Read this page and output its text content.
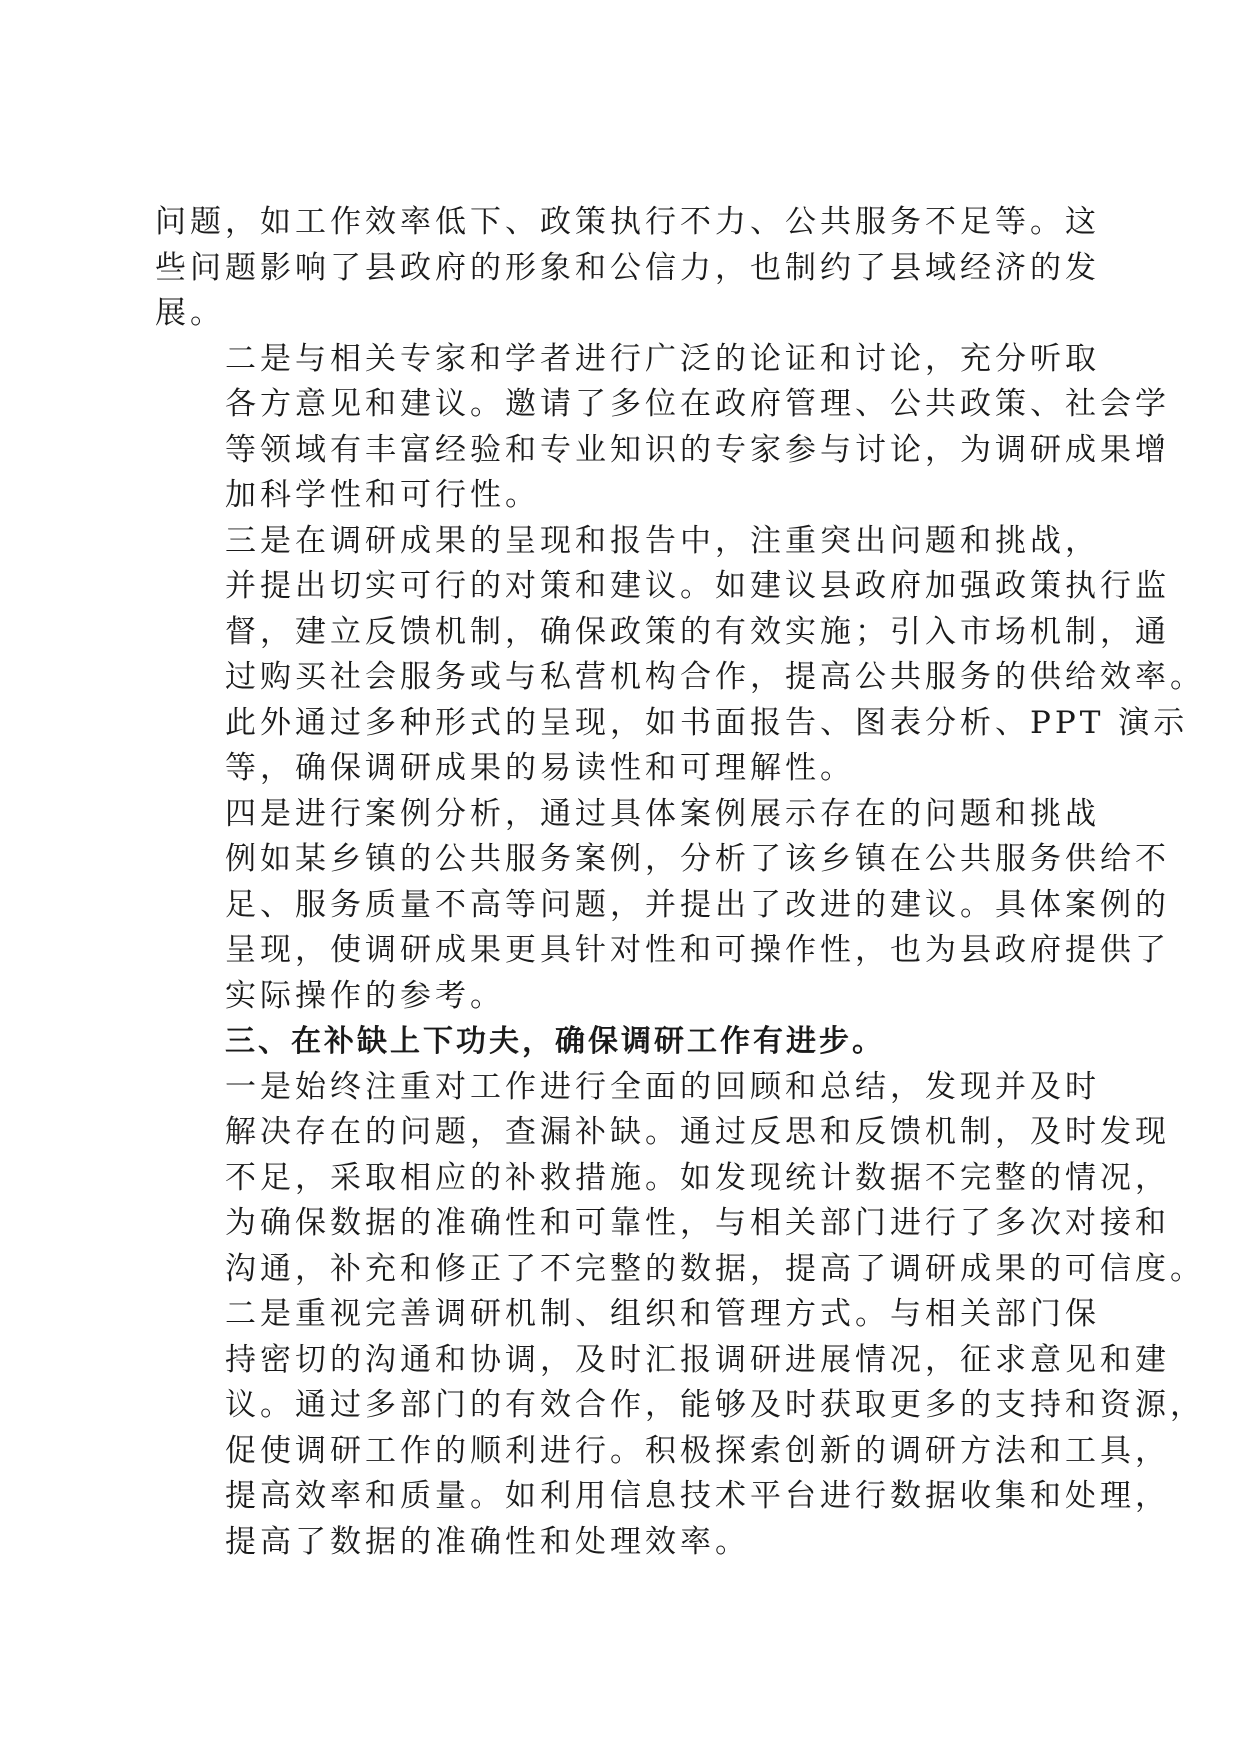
问题，如工作效率低下、政策执行不力、公共服务不足等。这
些问题影响了县政府的形象和公信力，也制约了县域经济的发
展。
二是与相关专家和学者进行广泛的论证和讨论，充分听取
各方意见和建议。邀请了多位在政府管理、公共政策、社会学
等领域有丰富经验和专业知识的专家参与讨论，为调研成果增
加科学性和可行性。
三是在调研成果的呈现和报告中，注重突出问题和挑战，
并提出切实可行的对策和建议。如建议县政府加强政策执行监
督，建立反馈机制，确保政策的有效实施；引入市场机制，通
过购买社会服务或与私营机构合作，提高公共服务的供给效率。
此外通过多种形式的呈现，如书面报告、图表分析、PPT 演示
等，确保调研成果的易读性和可理解性。
四是进行案例分析，通过具体案例展示存在的问题和挑战
例如某乡镇的公共服务案例，分析了该乡镇在公共服务供给不
足、服务质量不高等问题，并提出了改进的建议。具体案例的
呈现，使调研成果更具针对性和可操作性，也为县政府提供了
实际操作的参考。
三、在补缺上下功夫，确保调研工作有进步。
一是始终注重对工作进行全面的回顾和总结，发现并及时
解决存在的问题，查漏补缺。通过反思和反馈机制，及时发现
不足，采取相应的补救措施。如发现统计数据不完整的情况，
为确保数据的准确性和可靠性，与相关部门进行了多次对接和
沟通，补充和修正了不完整的数据，提高了调研成果的可信度。
二是重视完善调研机制、组织和管理方式。与相关部门保
持密切的沟通和协调，及时汇报调研进展情况，征求意见和建
议。通过多部门的有效合作，能够及时获取更多的支持和资源，
促使调研工作的顺利进行。积极探索创新的调研方法和工具，
提高效率和质量。如利用信息技术平台进行数据收集和处理，
提高了数据的准确性和处理效率。
